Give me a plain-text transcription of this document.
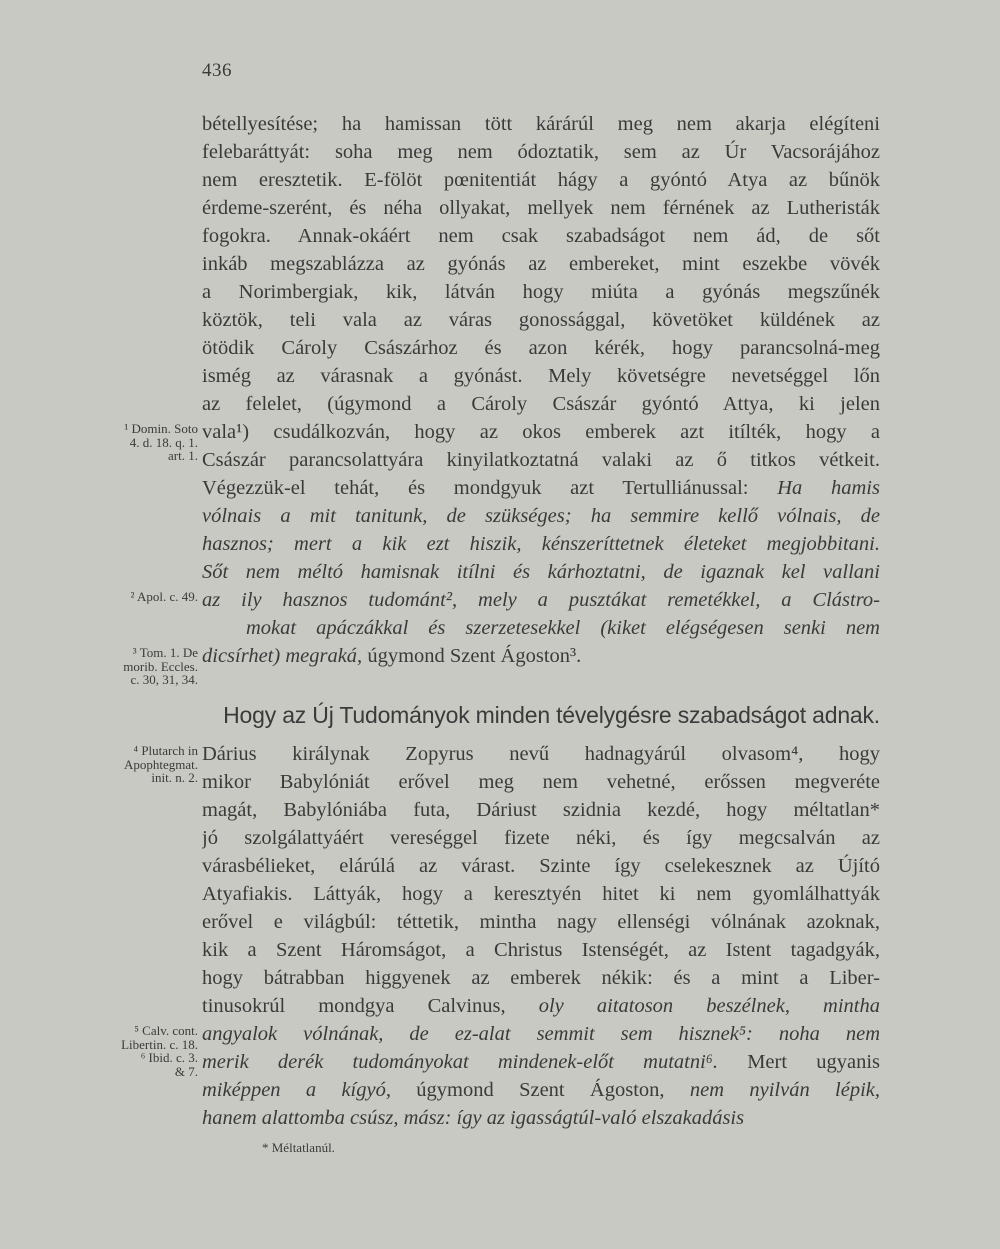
436
bétellyesítése; ha hamissan tött kárárúl meg nem akarja elégíteni
felebaráttyát: soha meg nem ódoztatik, sem az Úr Vacsorájához
nem eresztetik. E-fölöt pœnitentiát hágy a gyóntó Atya az bűnök
érdeme-szerént, és néha ollyakat, mellyek nem férnének az Lutheristák
fogokra. Annak-okáért nem csak szabadságot nem ád, de sőt
inkáb megszablázza az gyónás az embereket, mint eszekbe vövék
a Norimbergiak, kik, látván hogy miúta a gyónás megszűnék
köztök, teli vala az váras gonossággal, követöket küldének az
ötödik Cároly Császárhoz és azon kérék, hogy parancsolná-meg
ismég az várasnak a gyónást. Mely követségre nevetséggel lőn
az felelet, (úgymond a Cároly Császár gyóntó Attya, ki jelen
vala¹) csudálkozván, hogy az okos emberek azt itílték, hogy a
Császár parancsolattyára kinyilatkoztatná valaki az ő titkos vétkeit.
Végezzük-el tehát, és mondgyuk azt Tertulliánussal: Ha hamis
vólnais a mit tanitunk, de szükséges; ha semmire kellő vólnais, de
hasznos; mert a kik ezt hiszik, kénszeríttetnek életeket megjobbitani.
Sőt nem méltó hamisnak itílni és kárhoztatni, de igaznak kel vallani
az ily hasznos tudománt², mely a pusztákat remetékkel, a Clástro-
mokat apáczákkal és szerzetesekkel (kiket elégségesen senki nem
dicsírhet) megraká, úgymond Szent Ágoston³.
¹ Domin. Soto
4. d. 18. q. 1.
art. 1.
² Apol. c. 49.
³ Tom. 1. De
morib. Eccles.
c. 30, 31, 34.
Hogy az Új Tudományok minden tévelygésre szabadságot adnak.
Dárius királynak Zopyrus nevű hadnagyárúl olvasom⁴, hogy
mikor Babylóniát erővel meg nem vehetné, erőssen megveréte
magát, Babylóniába futa, Dáriust szidnia kezdé, hogy méltatlan*
jó szolgálattyáért vereséggel fizete néki, és így megcsalván az
várasbélieket, elárúlá az várast. Szinte így cselekesznek az Újító
Atyafiakis. Láttyák, hogy a keresztyén hitet ki nem gyomlálhattyák
erővel e világbúl: téttetik, mintha nagy ellenségi vólnának azoknak,
kik a Szent Háromságot, a Christus Istenségét, az Istent tagadgyák,
hogy bátrabban higgyenek az emberek nékik: és a mint a Liber-
tinusokrúl mondgya Calvinus, oly aitatoson beszélnek, mintha
angyalok vólnának, de ez-alat semmit sem hisznek⁵: noha nem
merik derék tudományokat mindenek-előt mutatni⁶. Mert ugyanis
miképpen a kígyó, úgymond Szent Ágoston, nem nyilván lépik,
hanem alattomba csúsz, mász: így az igasságtúl-való elszakadásis
⁴ Plutarch in
Apophtegmat.
init. n. 2.
⁵ Calv. cont.
Libertin. c. 18.
⁶ Ibid. c. 3.
& 7.
* Méltatlanúl.
